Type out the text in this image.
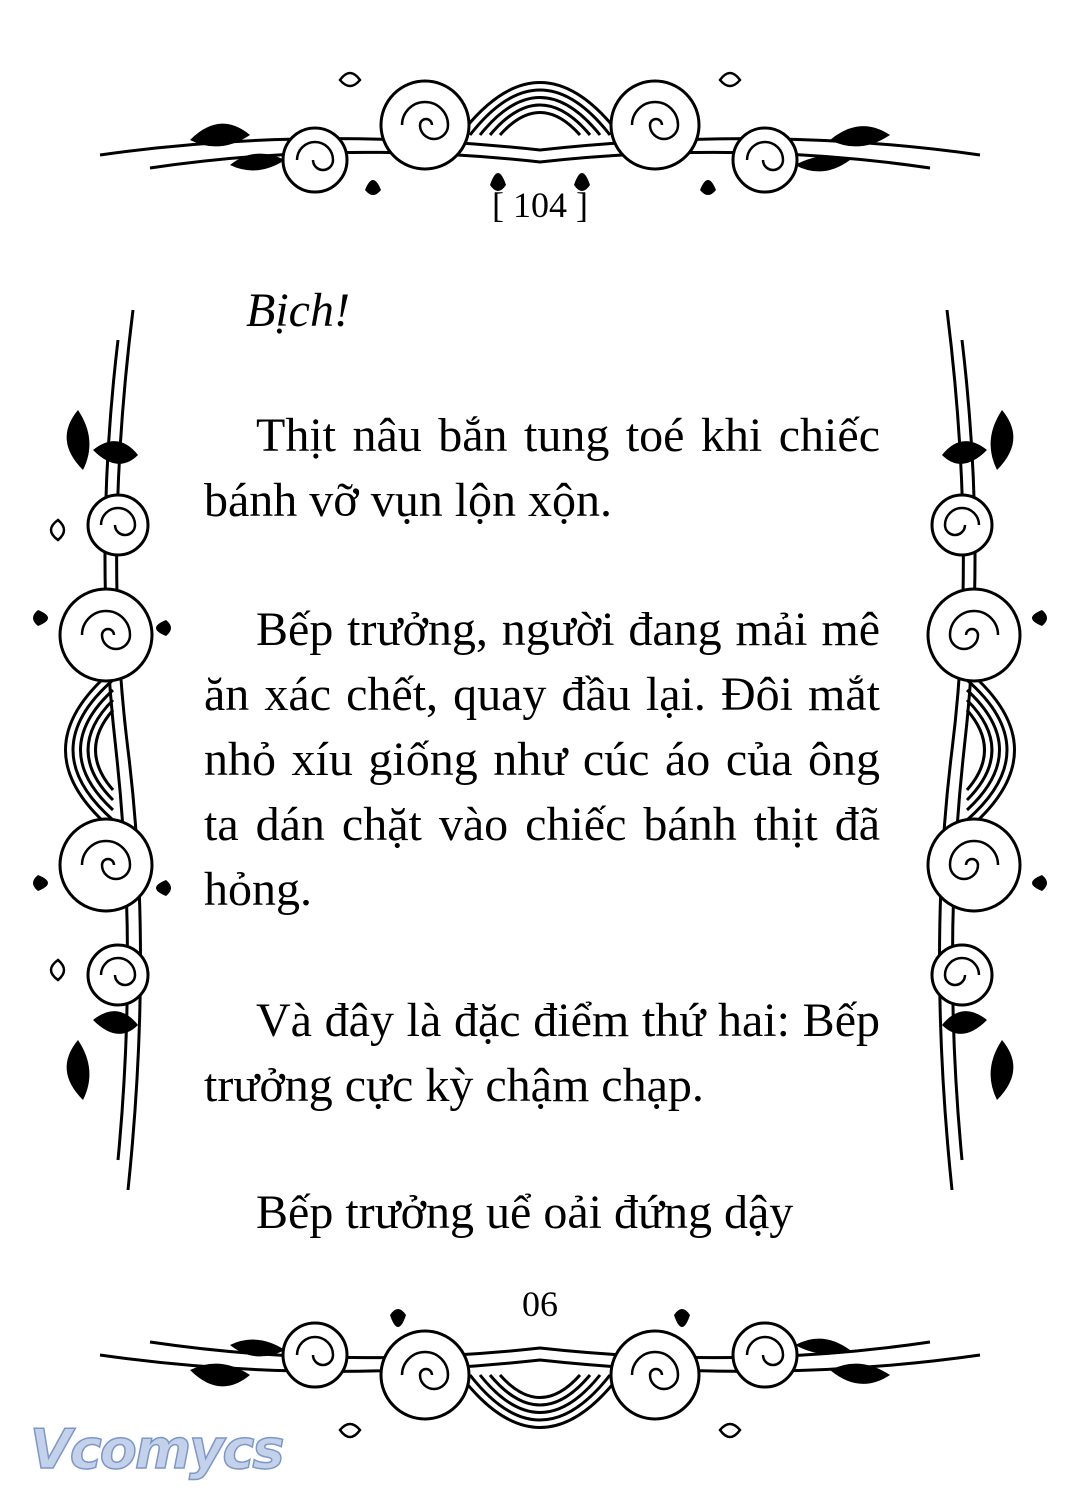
[ 104 ]

Bịch!

Thịt nâu bắn tung toé khi chiếc bánh vỡ vụn lộn xộn.

Bếp trưởng, người đang mải mê ăn xác chết, quay đầu lại. Đôi mắt nhỏ xíu giống như cúc áo của ông ta dán chặt vào chiếc bánh thịt đã hỏng.

Và đây là đặc điểm thứ hai: Bếp trưởng cực kỳ chậm chạp.

Bếp trưởng uể oải đứng dậy

06
Vcomycs
